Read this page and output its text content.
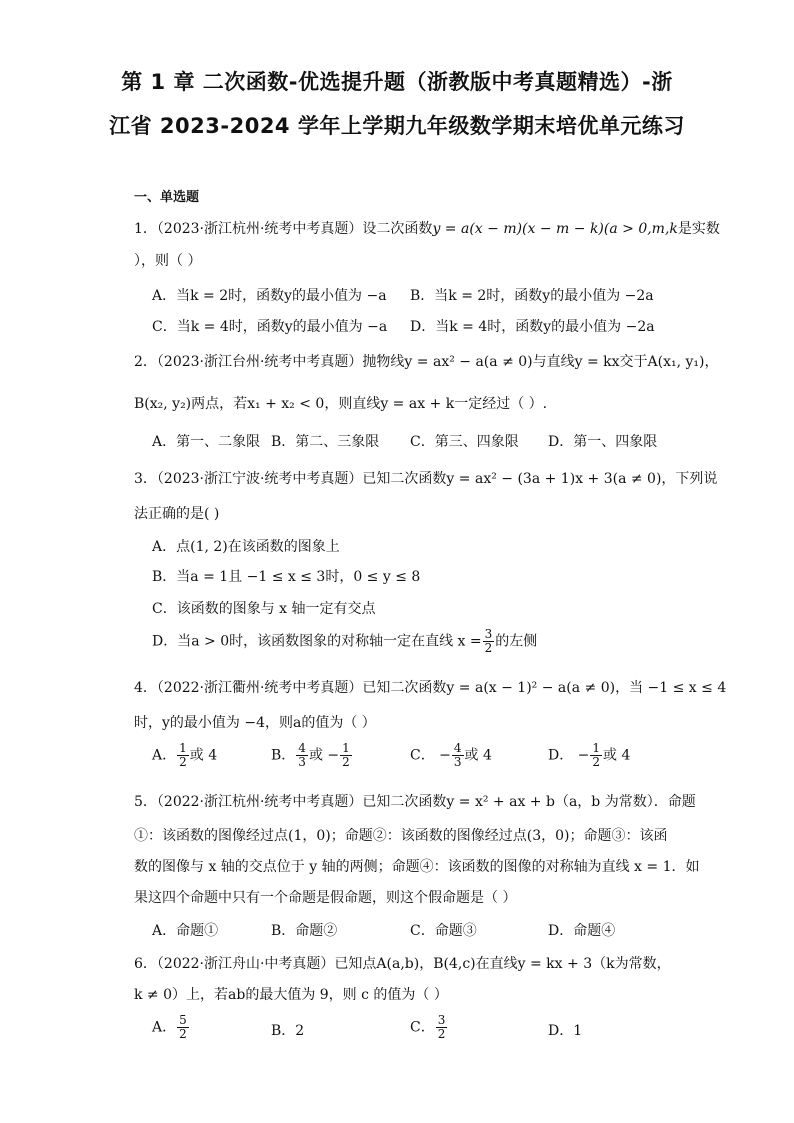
第 1 章 二次函数-优选提升题（浙教版中考真题精选）-浙
江省 2023-2024 学年上学期九年级数学期末培优单元练习
一、单选题
1．（2023·浙江杭州·统考中考真题）设二次函数y = a(x − m)(x − m − k)(a > 0,m,k是实数
），则（ ）
A．当k = 2时，函数y的最小值为 −a B．当k = 2时，函数y的最小值为 −2a
C．当k = 4时，函数y的最小值为 −a D．当k = 4时，函数y的最小值为 −2a
2．（2023·浙江台州·统考中考真题）抛物线y = ax² − a(a ≠ 0)与直线y = kx交于A(x₁, y₁)，
B(x₂, y₂)两点，若x₁ + x₂ < 0，则直线y = ax + k一定经过（ ）.
A．第一、二象限 B．第二、三象限 C．第三、四象限 D．第一、四象限
3．（2023·浙江宁波·统考中考真题）已知二次函数y = ax² − (3a + 1)x + 3(a ≠ 0)，下列说
法正确的是( )
A．点(1, 2)在该函数的图象上
B．当a = 1且 −1 ≤ x ≤ 3时，0 ≤ y ≤ 8
C．该函数的图象与 x 轴一定有交点
D．当a > 0时，该函数图象的对称轴一定在直线 $x = \frac{3}{2}$ 的左侧
4．（2022·浙江衢州·统考中考真题）已知二次函数y = a(x − 1)² − a(a ≠ 0)，当 −1 ≤ x ≤ 4
时，y的最小值为 −4，则a的值为（ ）
A． $\frac{1}{2}$ 或 4	B． $\frac{4}{3}$ 或 − $\frac{1}{2}$	C． − $\frac{4}{3}$ 或 4	D． − $\frac{1}{2}$ 或 4
5．（2022·浙江杭州·统考中考真题）已知二次函数y = x² + ax + b（a，b 为常数）．命题
①：该函数的图像经过点(1，0)；命题②：该函数的图像经过点(3，0)；命题③：该函
数的图像与 x 轴的交点位于 y 轴的两侧；命题④：该函数的图像的对称轴为直线 x = 1．如
果这四个命题中只有一个命题是假命题，则这个假命题是（ ）
A．命题①	B．命题②	C．命题③	D．命题④
6．（2022·浙江舟山·中考真题）已知点A(a,b)，B(4,c)在直线y = kx + 3（k为常数，
k ≠ 0）上，若ab的最大值为 9，则 c 的值为（ ）
A． $\frac{5}{2}$	B．2	C． $\frac{3}{2}$	D．1
